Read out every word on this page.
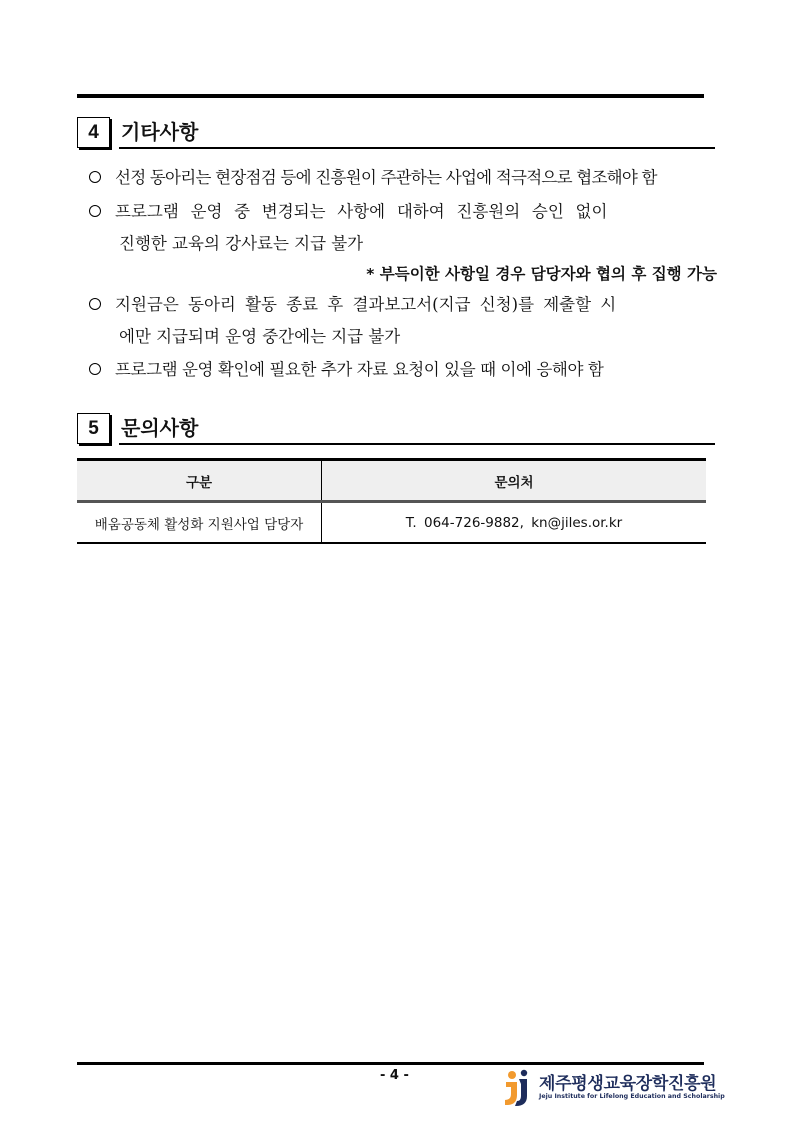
4	기타사항
선정 동아리는 현장점검 등에 진흥원이 주관하는 사업에 적극적으로 협조해야 함
프로그램 운영 중 변경되는 사항에 대하여 진흥원의 승인 없이
진행한 교육의 강사료는 지급 불가
* 부득이한 사항일 경우 담당자와 협의 후 집행 가능
지원금은 동아리 활동 종료 후 결과보고서(지급 신청)를 제출할 시
에만 지급되며 운영 중간에는 지급 불가
프로그램 운영 확인에 필요한 추가 자료 요청이 있을 때 이에 응해야 함
5	문의사항
구분	문의처
배움공동체 활성화 지원사업 담당자	T. 064-726-9882, kn@jiles.or.kr
- 4 -	제주평생교육장학진흥원
Jeju Institute for Lifelong Education and Scholarship
